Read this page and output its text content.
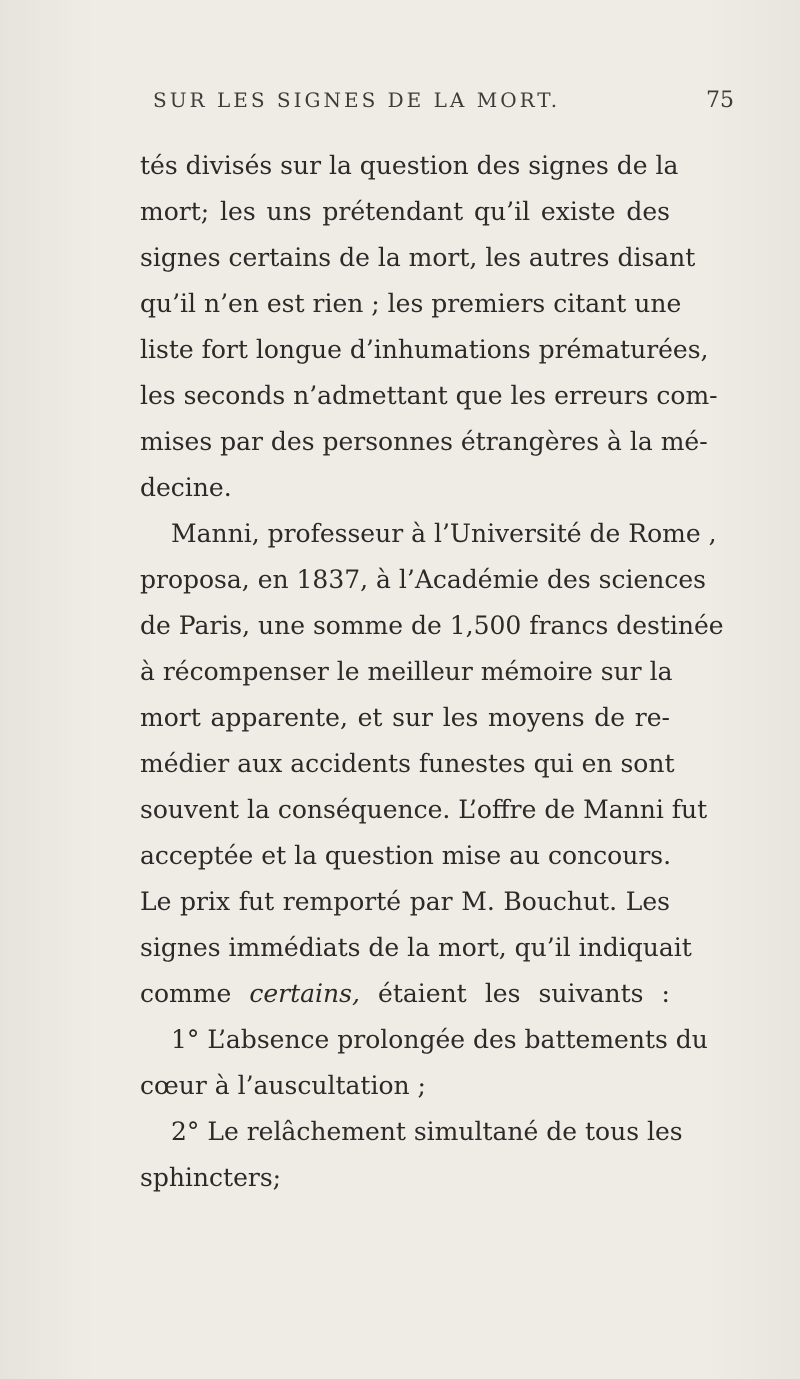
SUR LES SIGNES DE LA MORT.	75
tés divisés sur la question des signes de la
mort; les uns prétendant qu’il existe des
signes certains de la mort, les autres disant
qu’il n’en est rien ; les premiers citant une
liste fort longue d’inhumations prématurées,
les seconds n’admettant que les erreurs com-
mises par des personnes étrangères à la mé-
decine.
Manni, professeur à l’Université de Rome ,
proposa, en 1837, à l’Académie des sciences
de Paris, une somme de 1,500 francs destinée
à récompenser le meilleur mémoire sur la
mort apparente, et sur les moyens de re-
médier aux accidents funestes qui en sont
souvent la conséquence. L’offre de Manni fut
acceptée et la question mise au concours.
Le prix fut remporté par M. Bouchut. Les
signes immédiats de la mort, qu’il indiquait
comme certains, étaient les suivants :
1° L’absence prolongée des battements du
cœur à l’auscultation ;
2° Le relâchement simultané de tous les
sphincters;
